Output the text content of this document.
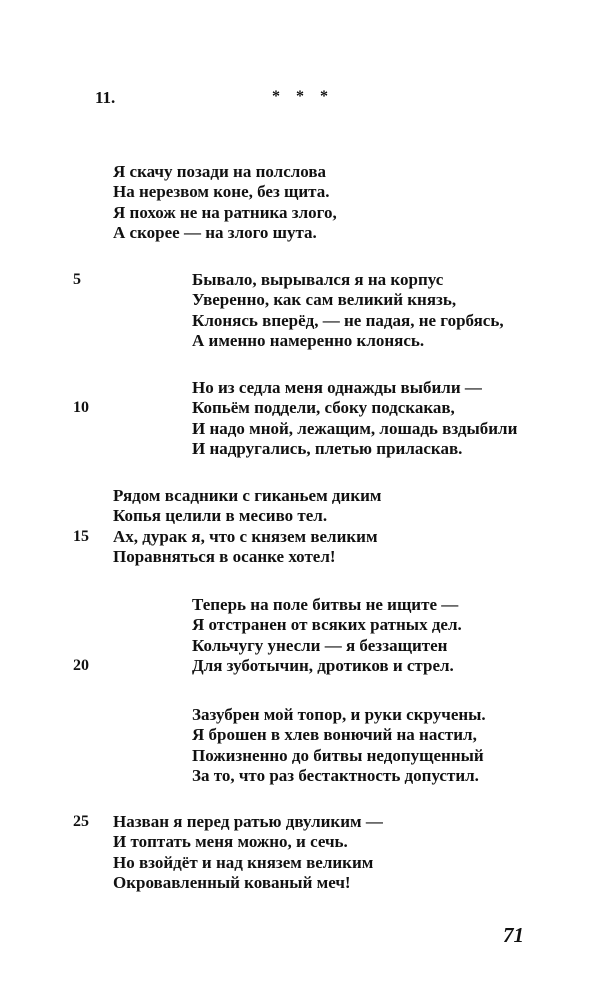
11.	* * *
Я скачу позади на полслова
На нерезвом коне, без щита.
Я похож не на ратника злого,
А скорее — на злого шута.
5	Бывало, вырывался я на корпус
Уверенно, как сам великий князь,
Клонясь вперёд, — не падая, не горбясь,
А именно намеренно клонясь.
Но из седла меня однажды выбили —
10	Копьём поддели, сбоку подскакав,
И надо мной, лежащим, лошадь вздыбили
И надругались, плетью приласкав.
Рядом всадники с гиканьем диким
Копья целили в месиво тел.
15 Ах, дурак я, что с князем великим
Поравняться в осанке хотел!
Теперь на поле битвы не ищите —
Я отстранен от всяких ратных дел.
Кольчугу унесли — я беззащитен
20	Для зуботычин, дротиков и стрел.
Зазубрен мой топор, и руки скручены.
Я брошен в хлев вонючий на настил,
Пожизненно до битвы недопущенный
За то, что раз бестактность допустил.
25 Назван я перед ратью двуликим —
И топтать меня можно, и сечь.
Но взойдёт и над князем великим
Окровавленный кованый меч!
71
